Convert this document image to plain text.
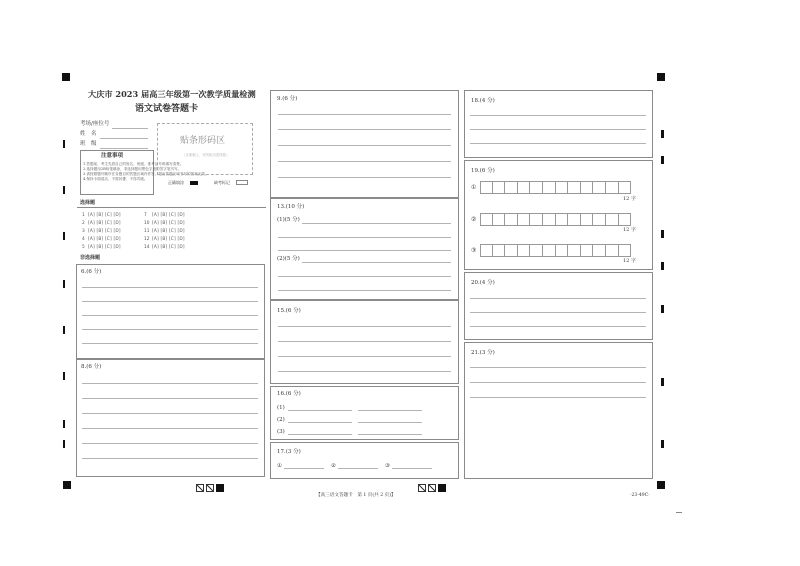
大庆市 2023 届高三年级第一次教学质量检测
语文试卷答题卡
考场/座位号
姓　名
班　级
注意事项
1.答题前，考生先将自己的姓名、班级、准考证号码填写清楚。
2.选择题用2B铅笔填涂，非选择题用黑色字迹的签字笔书写。
3.请按照题号顺序在各题目的答题区域内作答，超出答题区域书写的答案无效。
4.保持卡面清洁，不准折叠、不得弄破。
贴条形码区
（正面朝上，切勿贴出虚线框）
正确填涂	缺考标记
选择题
1 [A] [B] [C] [D]	7	[A] [B] [C] [D]
2 [A] [B] [C] [D]	10 [A] [B] [C] [D]
3 [A] [B] [C] [D]	11 [A] [B] [C] [D]
4 [A] [B] [C] [D]	12 [A] [B] [C] [D]
5 [A] [B] [C] [D]	14 [A] [B] [C] [D]
非选择题
6.(6 分)
8.(6 分)
9.(6 分)
13.(10 分)
(1)(5 分)
(2)(5 分)
15.(6 分)
16.(6 分)
(1)
(2)
(3)
17.(3 分)
①	②	③
18.(4 分)
19.(6 分)
①
②
③
12 字
12 字
12 字
20.(4 分)
21.(3 分)
【高三语文答题卡　第 1 页(共 2 页)】	·23-49C·
